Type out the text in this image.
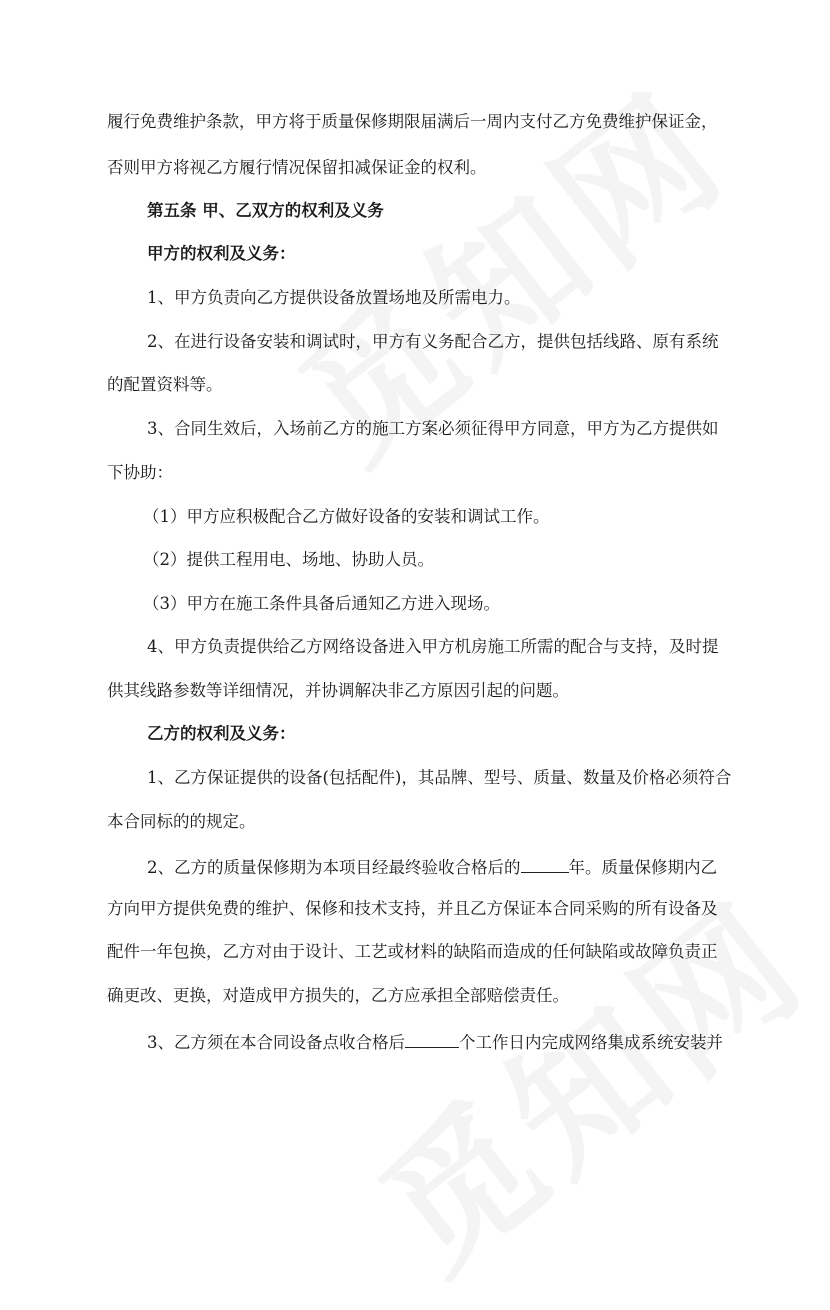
履行免费维护条款，甲方将于质量保修期限届满后一周内支付乙方免费维护保证金，
否则甲方将视乙方履行情况保留扣减保证金的权利。
第五条 甲、乙双方的权利及义务
甲方的权利及义务：
1、甲方负责向乙方提供设备放置场地及所需电力。
2、在进行设备安装和调试时，甲方有义务配合乙方，提供包括线路、原有系统
的配置资料等。
3、合同生效后，入场前乙方的施工方案必须征得甲方同意，甲方为乙方提供如
下协助：
（1）甲方应积极配合乙方做好设备的安装和调试工作。
（2）提供工程用电、场地、协助人员。
（3）甲方在施工条件具备后通知乙方进入现场。
4、甲方负责提供给乙方网络设备进入甲方机房施工所需的配合与支持，及时提
供其线路参数等详细情况，并协调解决非乙方原因引起的问题。
乙方的权利及义务：
1、乙方保证提供的设备(包括配件)，其品牌、型号、质量、数量及价格必须符合
本合同标的的规定。
2、乙方的质量保修期为本项目经最终验收合格后的	年。质量保修期内乙
方向甲方提供免费的维护、保修和技术支持，并且乙方保证本合同采购的所有设备及
配件一年包换，乙方对由于设计、工艺或材料的缺陷而造成的任何缺陷或故障负责正
确更改、更换，对造成甲方损失的，乙方应承担全部赔偿责任。
3、乙方须在本合同设备点收合格后	个工作日内完成网络集成系统安装并
